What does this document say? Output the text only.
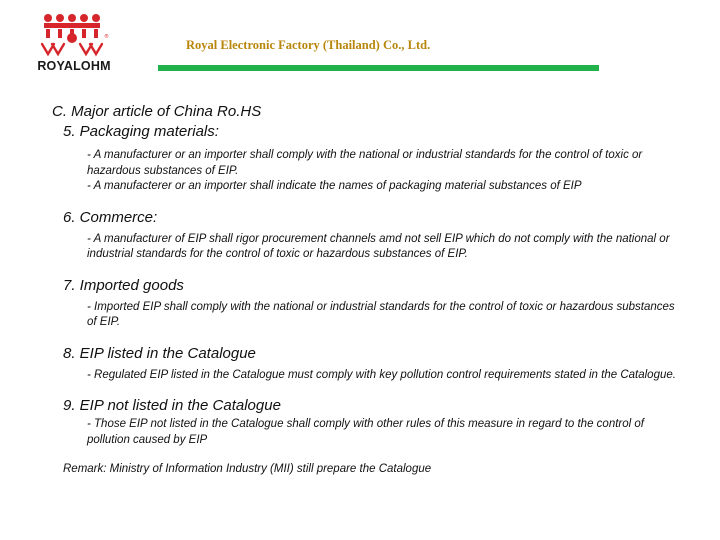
®
ROYALOHM
Royal Electronic Factory (Thailand) Co., Ltd.

C. Major article of China Ro.HS

5. Packaging materials:

- A manufacturer or an importer shall comply with the national or industrial standards for the control of toxic or hazardous substances of EIP.

- A manufacterer or an importer shall indicate the names of packaging material substances of EIP

6. Commerce:

- A manufacturer of EIP shall rigor procurement channels amd not sell EIP which do not comply with the national or industrial standards for the control of toxic or hazardous substances of EIP.

7. Imported goods

- Imported EIP shall comply with the national or industrial standards for the control of toxic or hazardous substances of EIP.

8. EIP listed in the Catalogue

- Regulated EIP listed in the Catalogue must comply with key pollution control requirements stated in the Catalogue.

9. EIP not listed in the Catalogue

- Those EIP not listed in the Catalogue shall comply with other rules of this measure in regard to the control of pollution caused by EIP

Remark: Ministry of Information Industry (MII) still prepare the Catalogue
